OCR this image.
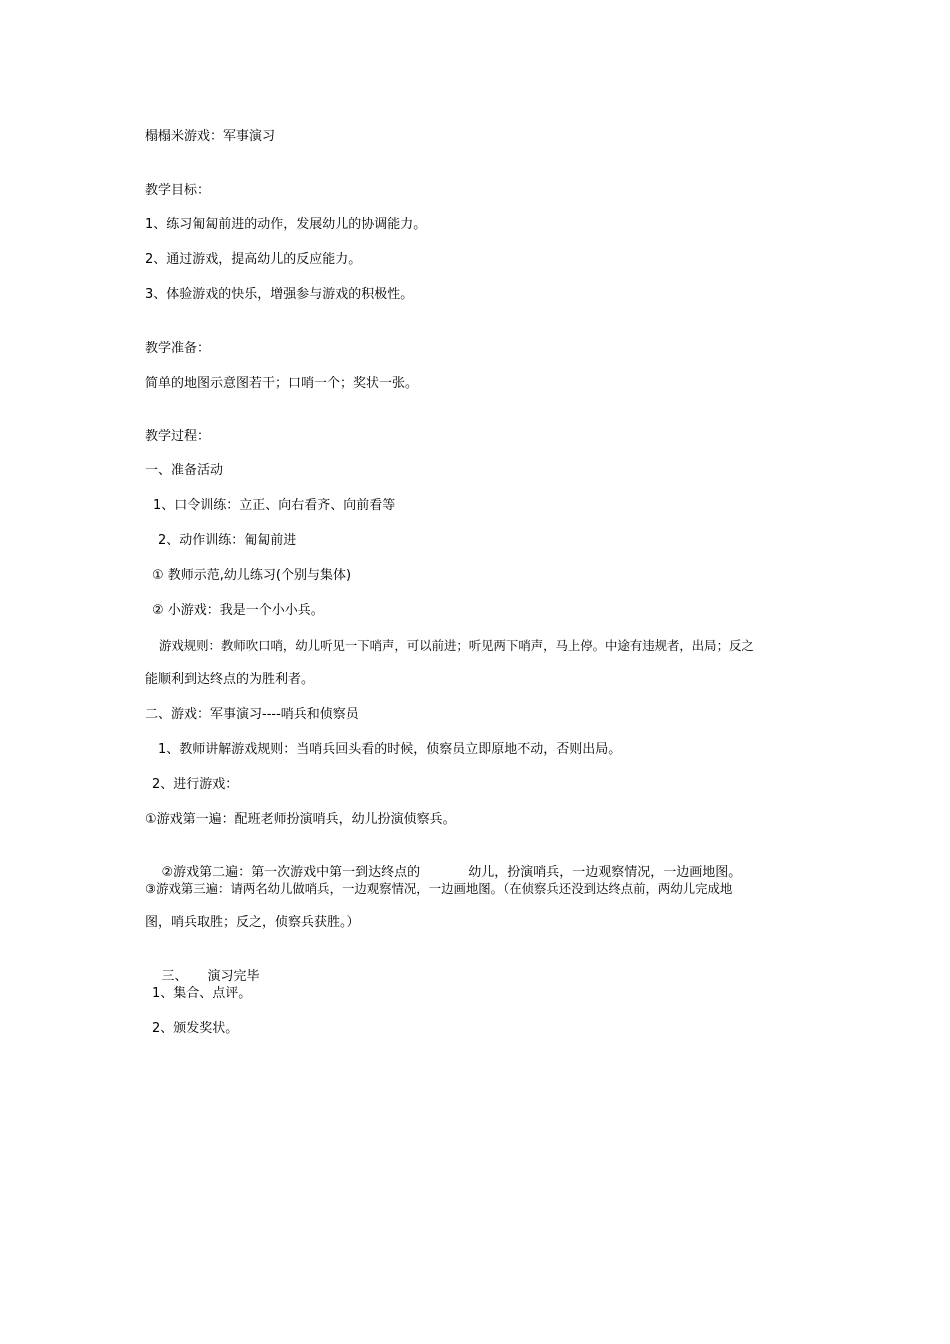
榻榻米游戏：军事演习
教学目标：
1、练习匍匐前进的动作，发展幼儿的协调能力。
2、通过游戏，提高幼儿的反应能力。
3、体验游戏的快乐，增强参与游戏的积极性。
教学准备：
简单的地图示意图若干；口哨一个；奖状一张。
教学过程：
一、准备活动
1、口令训练：立正、向右看齐、向前看等
2、动作训练：匍匐前进
① 教师示范,幼儿练习(个别与集体)
② 小游戏：我是一个小小兵。
游戏规则：教师吹口哨，幼儿听见一下哨声，可以前进；听见两下哨声，马上停。中途有违规者，出局；反之
能顺利到达终点的为胜利者。
二、游戏：军事演习----哨兵和侦察员
1、教师讲解游戏规则：当哨兵回头看的时候，侦察员立即原地不动，否则出局。
2、进行游戏：
①游戏第一遍：配班老师扮演哨兵，幼儿扮演侦察兵。

②游戏第二遍：第一次游戏中第一到达终点的	幼儿，扮演哨兵，一边观察情况，一边画地图。

③游戏第三遍：请两名幼儿做哨兵，一边观察情况，一边画地图。（在侦察兵还没到达终点前，两幼儿完成地
图，哨兵取胜；反之，侦察兵获胜。）

三、 演习完毕

1、集合、点评。
2、颁发奖状。
